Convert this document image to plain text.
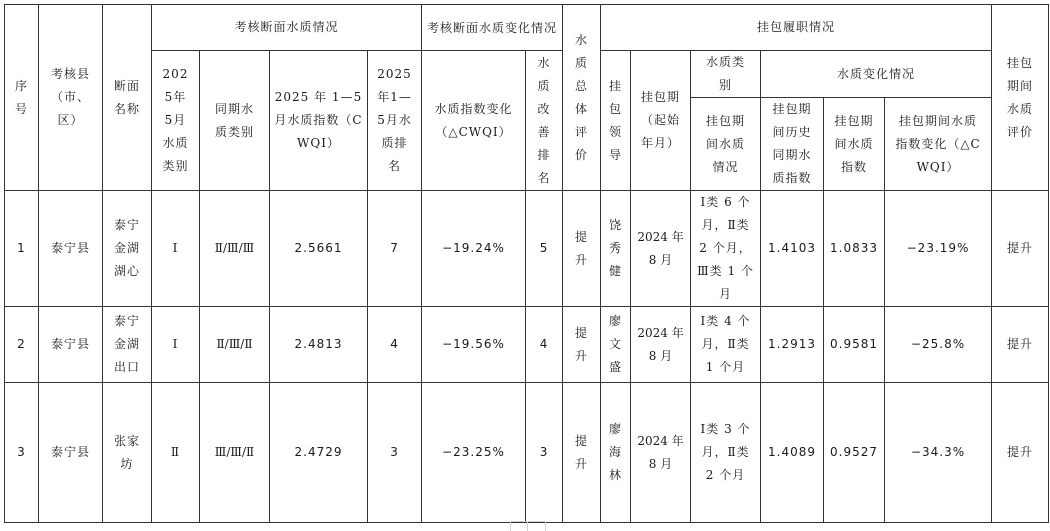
序号	考核县（市、区）	断面名称	考核断面水质情况				考核断面水质变化情况		水质总体评价	挂包履职情况						挂包期间水质评价
			2025年5月水质类别	同期水质类别	2025 年 1—5 月水质指数（CWQI）	2025年1—5月水质排名	水质指数变化（△CWQI）	水质改善排名		挂包领导	挂包期（起始年月）	水质类别	水质变化情况			
												挂包期间水质情况	挂包期间历史同期水质指数	挂包期间水质指数	挂包期间水质指数变化（△CWQI）	
1	泰宁县	泰宁金湖湖心	Ⅰ	Ⅱ/Ⅲ/Ⅲ	2.5661	7	−19.24%	5	提升	饶秀健	2024 年 8 月	Ⅰ类 6 个月，Ⅱ类 2 个月，Ⅲ类 1 个月	1.4103	1.0833	−23.19%	提升
2	泰宁县	泰宁金湖出口	Ⅰ	Ⅱ/Ⅲ/Ⅱ	2.4813	4	−19.56%	4	提升	廖文盛	2024 年 8 月	Ⅰ类 4 个月，Ⅱ类 1 个月	1.2913	0.9581	−25.8%	提升
3	泰宁县	张家坊	Ⅱ	Ⅲ/Ⅲ/Ⅱ	2.4729	3	−23.25%	3	提升	廖海林	2024 年 8 月	Ⅰ类 3 个月，Ⅱ类 2 个月	1.4089	0.9527	−34.3%	提升
